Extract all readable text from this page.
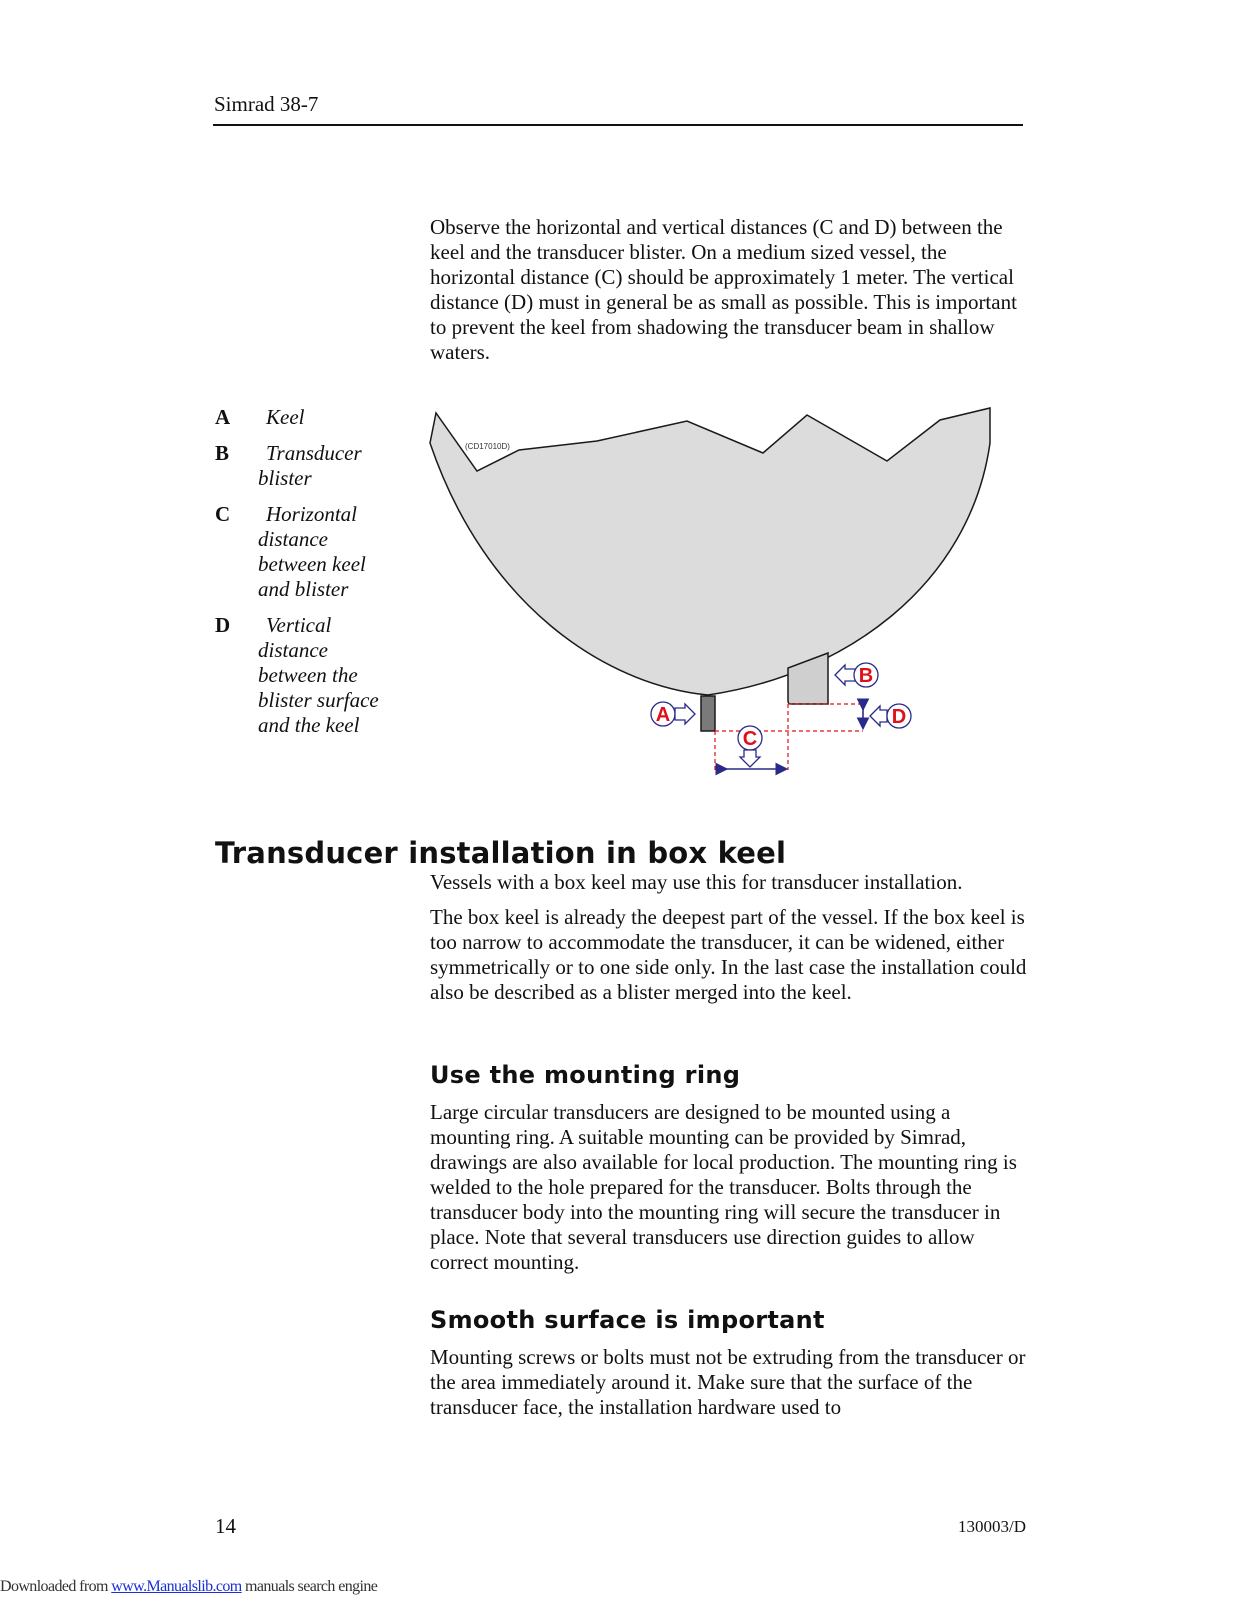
Simrad 38-7

Observe the horizontal and vertical distances (C and D) between the keel and the transducer blister. On a medium sized vessel, the horizontal distance (C) should be approximately 1 meter. The vertical distance (D) must in general be as small as possible. This is important to prevent the keel from shadowing the transducer beam in shallow waters.

A	Keel
B	Transducer blister
C	Horizontal distance between keel and blister
D	Vertical distance between the blister surface and the keel
(CD17010D)
A
B
C
D
Transducer installation in box keel

Vessels with a box keel may use this for transducer installation.

The box keel is already the deepest part of the vessel. If the box keel is too narrow to accommodate the transducer, it can be widened, either symmetrically or to one side only. In the last case the installation could also be described as a blister merged into the keel.

Use the mounting ring

Large circular transducers are designed to be mounted using a mounting ring. A suitable mounting can be provided by Simrad, drawings are also available for local production. The mounting ring is welded to the hole prepared for the transducer. Bolts through the transducer body into the mounting ring will secure the transducer in place. Note that several transducers use direction guides to allow correct mounting.

Smooth surface is important

Mounting screws or bolts must not be extruding from the transducer or the area immediately around it. Make sure that the surface of the transducer face, the installation hardware used to

14	130003/D
Downloaded from www.Manualslib.com manuals search engine
